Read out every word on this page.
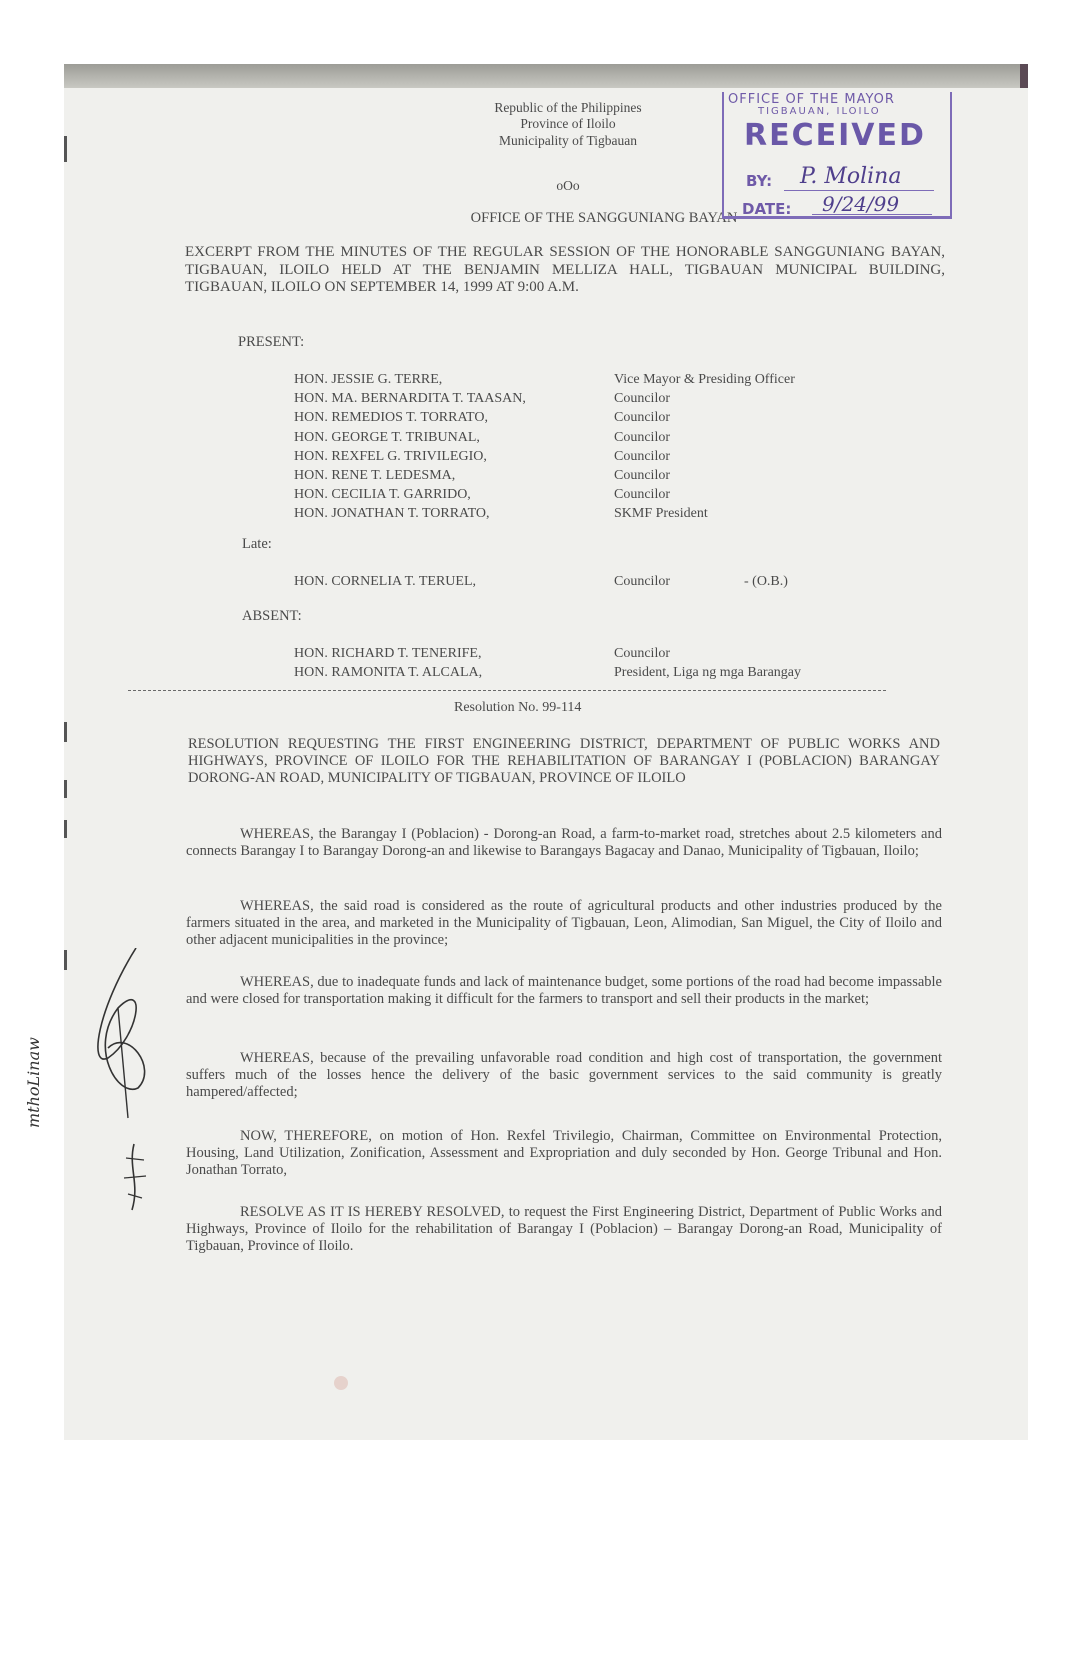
Republic of the Philippines
Province of Iloilo
Municipality of Tigbauan
oOo
OFFICE OF THE SANGGUNIANG BAYAN
OFFICE OF THE MAYOR
TIGBAUAN, ILOILO
RECEIVED
BY: P. Molina
DATE: 9/24/99
EXCERPT FROM THE MINUTES OF THE REGULAR SESSION OF THE HONORABLE SANGGUNIANG BAYAN, TIGBAUAN, ILOILO HELD AT THE BENJAMIN MELLIZA HALL, TIGBAUAN MUNICIPAL BUILDING, TIGBAUAN, ILOILO ON SEPTEMBER 14, 1999 AT 9:00 A.M.
PRESENT:
HON. JESSIE G. TERRE,	Vice Mayor & Presiding Officer
HON. MA. BERNARDITA T. TAASAN,	Councilor
HON. REMEDIOS T. TORRATO,	Councilor
HON. GEORGE T. TRIBUNAL,	Councilor
HON. REXFEL G. TRIVILEGIO,	Councilor
HON. RENE T. LEDESMA,	Councilor
HON. CECILIA T. GARRIDO,	Councilor
HON. JONATHAN T. TORRATO,	SKMF President
Late:
HON. CORNELIA T. TERUEL,	Councilor	- (O.B.)
ABSENT:
HON. RICHARD T. TENERIFE,	Councilor
HON. RAMONITA T. ALCALA,	President, Liga ng mga Barangay
Resolution No. 99-114
RESOLUTION REQUESTING THE FIRST ENGINEERING DISTRICT, DEPARTMENT OF PUBLIC WORKS AND HIGHWAYS, PROVINCE OF ILOILO FOR THE REHABILITATION OF BARANGAY I (POBLACION) BARANGAY DORONG-AN ROAD, MUNICIPALITY OF TIGBAUAN, PROVINCE OF ILOILO
WHEREAS, the Barangay I (Poblacion) - Dorong-an Road, a farm-to-market road, stretches about 2.5 kilometers and connects Barangay I to Barangay Dorong-an and likewise to Barangays Bagacay and Danao, Municipality of Tigbauan, Iloilo;
WHEREAS, the said road is considered as the route of agricultural products and other industries produced by the farmers situated in the area, and marketed in the Municipality of Tigbauan, Leon, Alimodian, San Miguel, the City of Iloilo and other adjacent municipalities in the province;
WHEREAS, due to inadequate funds and lack of maintenance budget, some portions of the road had become impassable and were closed for transportation making it difficult for the farmers to transport and sell their products in the market;
WHEREAS, because of the prevailing unfavorable road condition and high cost of transportation, the government suffers much of the losses hence the delivery of the basic government services to the said community is greatly hampered/affected;
NOW, THEREFORE, on motion of Hon. Rexfel Trivilegio, Chairman, Committee on Environmental Protection, Housing, Land Utilization, Zonification, Assessment and Expropriation and duly seconded by Hon. George Tribunal and Hon. Jonathan Torrato,
RESOLVE AS IT IS HEREBY RESOLVED, to request the First Engineering District, Department of Public Works and Highways, Province of Iloilo for the rehabilitation of Barangay I (Poblacion) – Barangay Dorong-an Road, Municipality of Tigbauan, Province of Iloilo.
mthoLinaw
